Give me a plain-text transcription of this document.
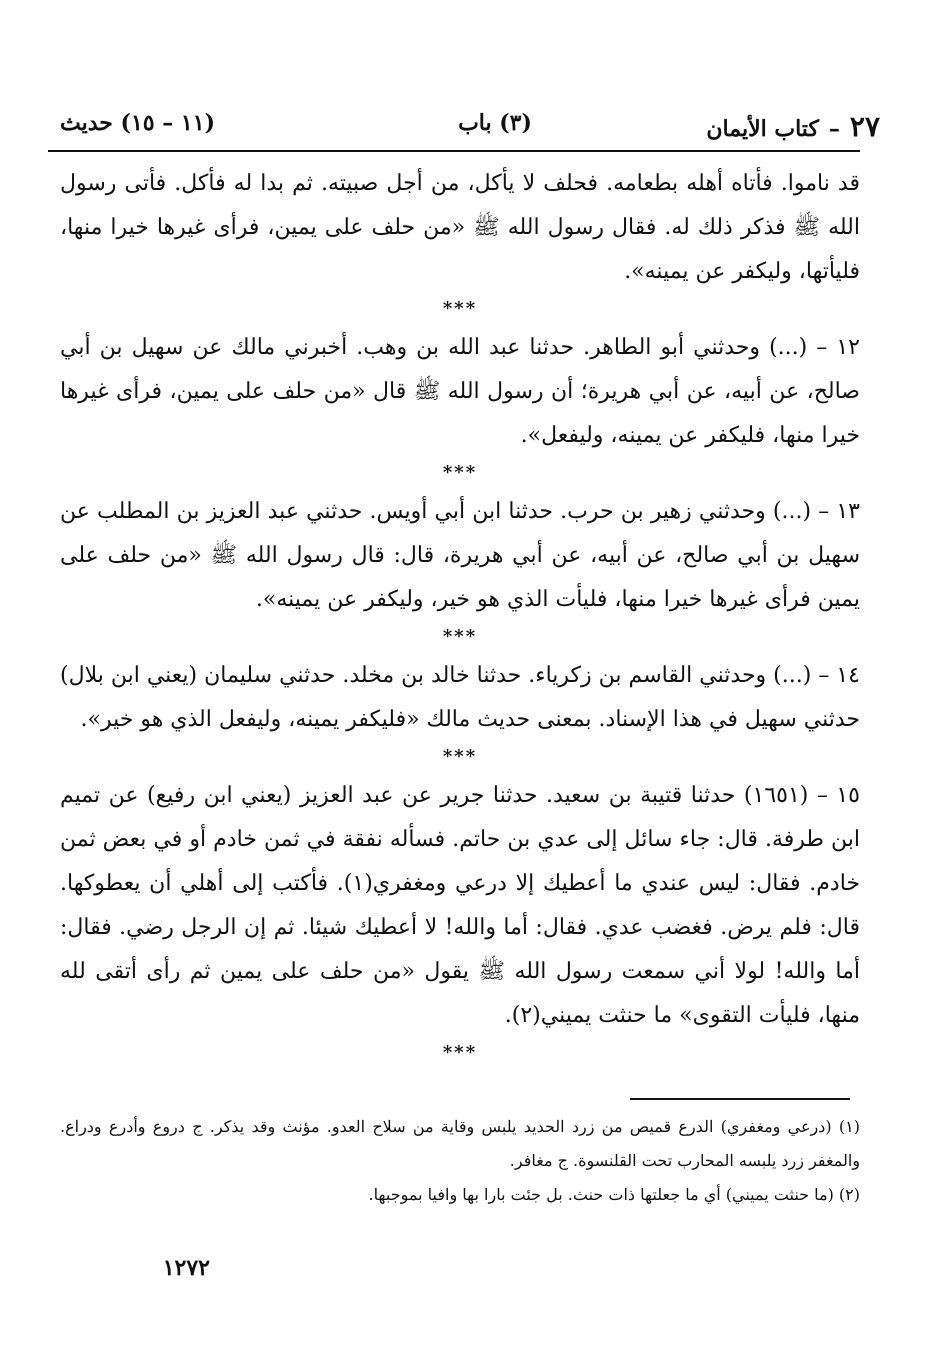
٢٧
–
كتاب الأيمان
(٣) باب
(١١ – ١٥) حديث

قد ناموا. فأتاه أهله بطعامه. فحلف لا يأكل، من أجل صبيته. ثم بدا له فأكل. فأتى رسول الله ﷺ فذكر ذلك له. فقال رسول الله ﷺ «من حلف على يمين، فرأى غيرها خيرا منها، فليأتها، وليكفر عن يمينه».

***

١٢ – (...) وحدثني أبو الطاهر. حدثنا عبد الله بن وهب. أخبرني مالك عن سهيل بن أبي صالح، عن أبيه، عن أبي هريرة؛ أن رسول الله ﷺ قال «من حلف على يمين، فرأى غيرها خيرا منها، فليكفر عن يمينه، وليفعل».

***

١٣ – (...) وحدثني زهير بن حرب. حدثنا ابن أبي أويس. حدثني عبد العزيز بن المطلب عن سهيل بن أبي صالح، عن أبيه، عن أبي هريرة، قال: قال رسول الله ﷺ «من حلف على يمين فرأى غيرها خيرا منها، فليأت الذي هو خير، وليكفر عن يمينه».

***

١٤ – (...) وحدثني القاسم بن زكرياء. حدثنا خالد بن مخلد. حدثني سليمان (يعني ابن بلال) حدثني سهيل في هذا الإسناد. بمعنى حديث مالك «فليكفر يمينه، وليفعل الذي هو خير».

***

١٥ – (١٦٥١) حدثنا قتيبة بن سعيد. حدثنا جرير عن عبد العزيز (يعني ابن رفيع) عن تميم ابن طرفة. قال: جاء سائل إلى عدي بن حاتم. فسأله نفقة في ثمن خادم أو في بعض ثمن خادم. فقال: ليس عندي ما أعطيك إلا درعي ومغفري(١). فأكتب إلى أهلي أن يعطوكها. قال: فلم يرض. فغضب عدي. فقال: أما والله! لا أعطيك شيئا. ثم إن الرجل رضي. فقال: أما والله! لولا أني سمعت رسول الله ﷺ يقول «من حلف على يمين ثم رأى أتقى لله منها، فليأت التقوى» ما حنثت يميني(٢).

***

(١) (درعي ومغفري) الدرع قميص من زرد الحديد يلبس وقاية من سلاح العدو. مؤنث وقد يذكر. ج دروع وأدرع ودراع. والمغفر زرد يلبسه المحارب تحت القلنسوة. ج مغافر.

(٢) (ما حنثت يميني) أي ما جعلتها ذات حنث. بل جئت بارا بها وافيا بموجبها.

١٢٧٢
